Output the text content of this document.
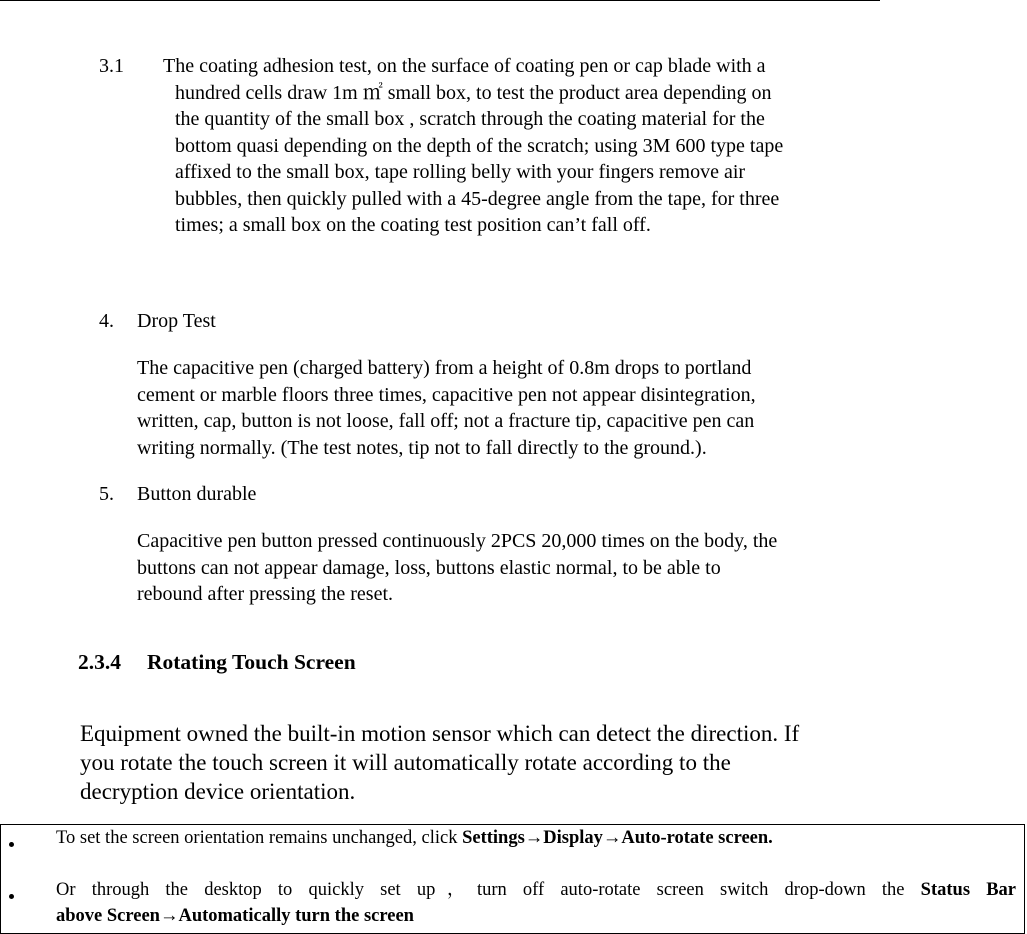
3.1	The coating adhesion test, on the surface of coating pen or cap blade with a
hundred cells draw 1m ㎡ small box, to test the product area depending on
the quantity of the small box , scratch through the coating material for the
bottom quasi depending on the depth of the scratch; using 3M 600 type tape
affixed to the small box, tape rolling belly with your fingers remove air
bubbles, then quickly pulled with a 45-degree angle from the tape, for three
times; a small box on the coating test position can’t fall off.
4. Drop Test
The capacitive pen (charged battery) from a height of 0.8m drops to portland
cement or marble floors three times, capacitive pen not appear disintegration,
written, cap, button is not loose, fall off; not a fracture tip, capacitive pen can
writing normally. (The test notes, tip not to fall directly to the ground.).
5. Button durable
Capacitive pen button pressed continuously 2PCS 20,000 times on the body, the
buttons can not appear damage, loss, buttons elastic normal, to be able to
rebound after pressing the reset.
2.3.4 Rotating Touch Screen
Equipment owned the built-in motion sensor which can detect the direction. If
you rotate the touch screen it will automatically rotate according to the
decryption device orientation.
To set the screen orientation remains unchanged, click Settings→Display→Auto-rotate screen.
Or through the desktop to quickly set up，turn off auto-rotate screen switch drop-down the Status Bar
above Screen→Automatically turn the screen
